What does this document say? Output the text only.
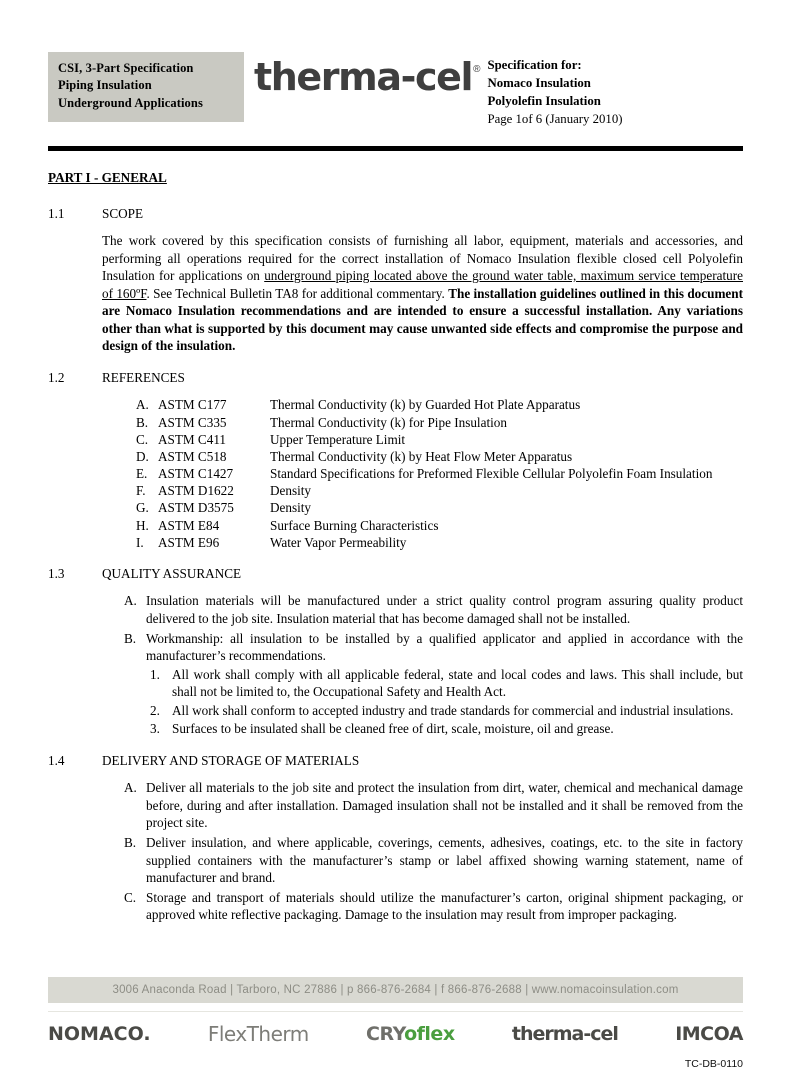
CSI, 3-Part Specification
Piping Insulation
Underground Applications
therma-cel® Specification for:
Nomaco Insulation
Polyolefin Insulation
Page 1of 6 (January 2010)
PART I - GENERAL
1.1	SCOPE
The work covered by this specification consists of furnishing all labor, equipment, materials and accessories, and performing all operations required for the correct installation of Nomaco Insulation flexible closed cell Polyolefin Insulation for applications on underground piping located above the ground water table, maximum service temperature of 160ºF. See Technical Bulletin TA8 for additional commentary. The installation guidelines outlined in this document are Nomaco Insulation recommendations and are intended to ensure a successful installation. Any variations other than what is supported by this document may cause unwanted side effects and compromise the purpose and design of the insulation.
1.2	REFERENCES
A. ASTM C177	Thermal Conductivity (k) by Guarded Hot Plate Apparatus
B. ASTM C335	Thermal Conductivity (k) for Pipe Insulation
C. ASTM C411	Upper Temperature Limit
D. ASTM C518	Thermal Conductivity (k) by Heat Flow Meter Apparatus
E. ASTM C1427	Standard Specifications for Preformed Flexible Cellular Polyolefin Foam Insulation
F. ASTM D1622	Density
G. ASTM D3575	Density
H. ASTM E84	Surface Burning Characteristics
I.	ASTM E96	Water Vapor Permeability
1.3	QUALITY ASSURANCE
A. Insulation materials will be manufactured under a strict quality control program assuring quality product delivered to the job site. Insulation material that has become damaged shall not be installed.
B. Workmanship: all insulation to be installed by a qualified applicator and applied in accordance with the manufacturer’s recommendations.
1. All work shall comply with all applicable federal, state and local codes and laws. This shall include, but shall not be limited to, the Occupational Safety and Health Act.
2. All work shall conform to accepted industry and trade standards for commercial and industrial insulations.
3. Surfaces to be insulated shall be cleaned free of dirt, scale, moisture, oil and grease.
1.4	DELIVERY AND STORAGE OF MATERIALS
A. Deliver all materials to the job site and protect the insulation from dirt, water, chemical and mechanical damage before, during and after installation. Damaged insulation shall not be installed and it shall be removed from the project site.
B. Deliver insulation, and where applicable, coverings, cements, adhesives, coatings, etc. to the site in factory supplied containers with the manufacturer’s stamp or label affixed showing warning statement, name of manufacturer and brand.
C. Storage and transport of materials should utilize the manufacturer’s carton, original shipment packaging, or approved white reflective packaging. Damage to the insulation may result from improper packaging.
3006 Anaconda Road | Tarboro, NC 27886 | p 866-876-2684 | f 866-876-2688 | www.nomacoinsulation.com
NOMACO.	FlexTherm	CRYoflex	therma-cel	IMCOA
TC-DB-0110
